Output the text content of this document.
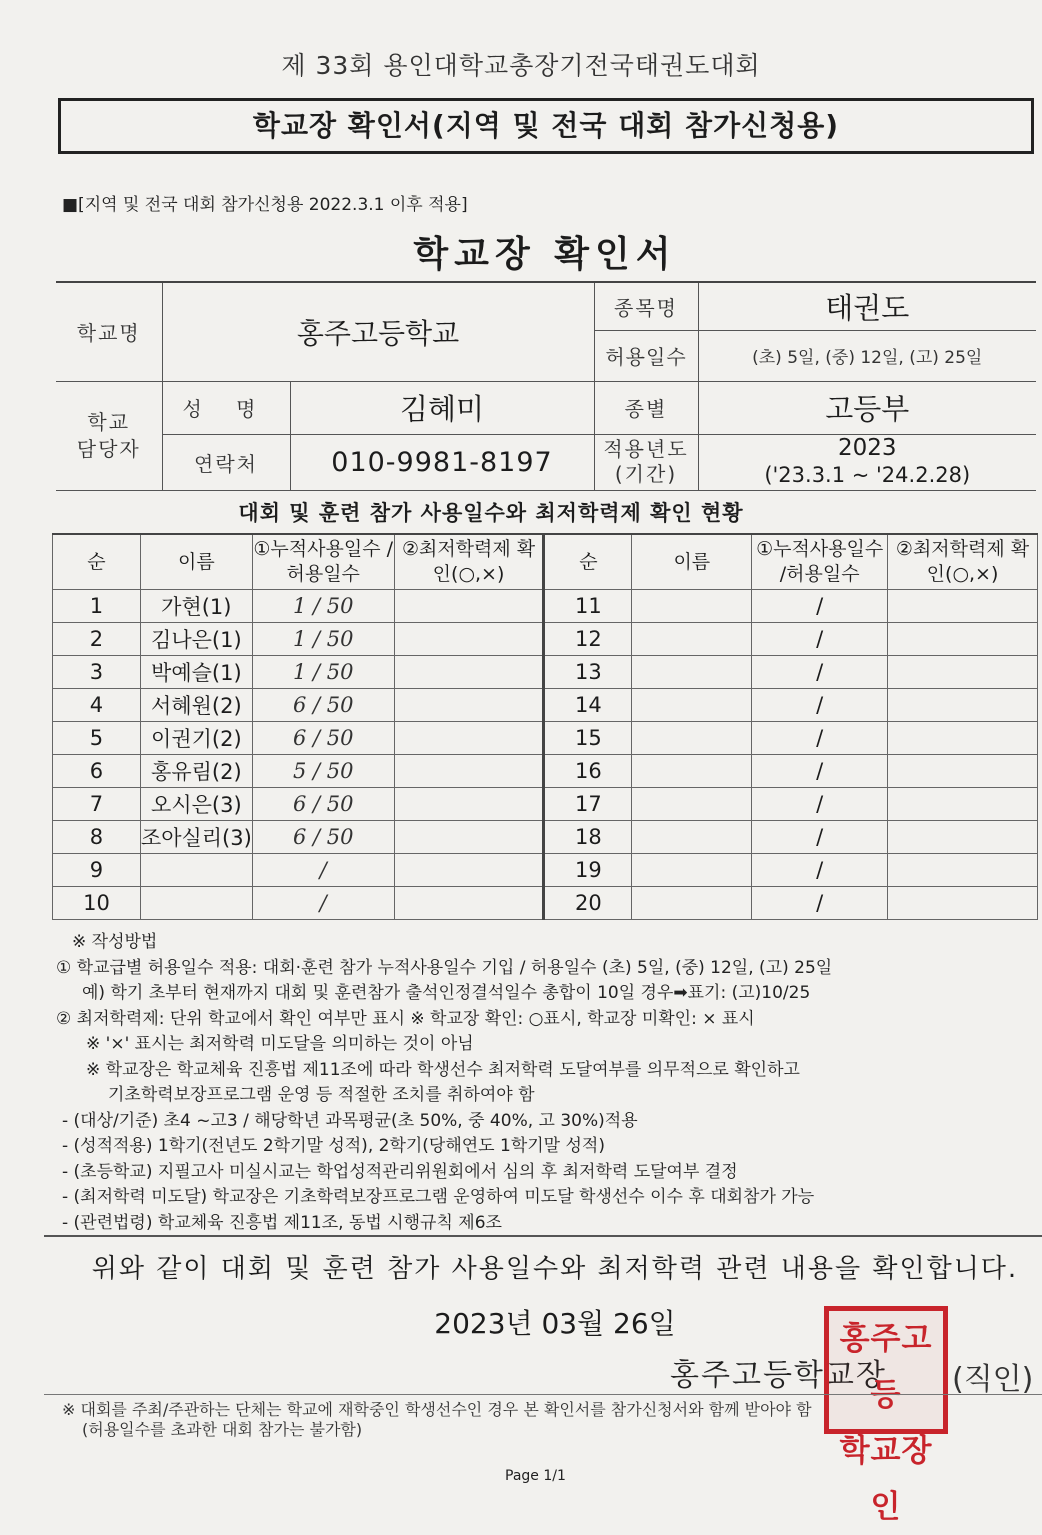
제 33회 용인대학교총장기전국태권도대회
학교장 확인서(지역 및 전국 대회 참가신청용)
■[지역 및 전국 대회 참가신청용 2022.3.1 이후 적용]
학교장 확인서
학교명	홍주고등학교		종목명	태권도
			허용일수	(초) 5일, (중) 12일, (고) 25일
학교 담당자	성 명	김혜미	종별	고등부
	연락처	010-9981-8197	적용년도 (기간)	2023
('23.3.1 ~ '24.2.28)
대회 및 훈련 참가 사용일수와 최저학력제 확인 현황
순	이름	①누적사용일수 /허용일수	②최저학력제 확인(○,×)	순	이름	①누적사용일수 /허용일수	②최저학력제 확인(○,×)
1	가현(1)	1 / 50		11		/	
2	김나은(1)	1 / 50		12		/	
3	박예슬(1)	1 / 50		13		/	
4	서혜원(2)	6 / 50		14		/	
5	이권기(2)	6 / 50		15		/	
6	홍유림(2)	5 / 50		16		/	
7	오시은(3)	6 / 50		17		/	
8	조아실리(3)	6 / 50		18		/	
9		/		19		/	
10		/		20		/	
※ 작성방법
① 학교급별 허용일수 적용: 대회·훈련 참가 누적사용일수 기입 / 허용일수 (초) 5일, (중) 12일, (고) 25일
예) 학기 초부터 현재까지 대회 및 훈련참가 출석인정결석일수 총합이 10일 경우➡표기: (고)10/25
② 최저학력제: 단위 학교에서 확인 여부만 표시 ※ 학교장 확인: ○표시, 학교장 미확인: × 표시
※ '×' 표시는 최저학력 미도달을 의미하는 것이 아님
※ 학교장은 학교체육 진흥법 제11조에 따라 학생선수 최저학력 도달여부를 의무적으로 확인하고
기초학력보장프로그램 운영 등 적절한 조치를 취하여야 함
- (대상/기준) 초4 ~고3 / 해당학년 과목평균(초 50%, 중 40%, 고 30%)적용
- (성적적용) 1학기(전년도 2학기말 성적), 2학기(당해연도 1학기말 성적)
- (초등학교) 지필고사 미실시교는 학업성적관리위원회에서 심의 후 최저학력 도달여부 결정
- (최저학력 미도달) 학교장은 기초학력보장프로그램 운영하여 미도달 학생선수 이수 후 대회참가 가능
- (관련법령) 학교체육 진흥법 제11조, 동법 시행규칙 제6조
위와 같이 대회 및 훈련 참가 사용일수와 최저학력 관련 내용을 확인합니다.
2023년 03월 26일
홍주고등학교장 (직인)
홍주고등
학교장인
※ 대회를 주최/주관하는 단체는 학교에 재학중인 학생선수인 경우 본 확인서를 참가신청서와 함께 받아야 함
(허용일수를 초과한 대회 참가는 불가함)
Page 1/1
